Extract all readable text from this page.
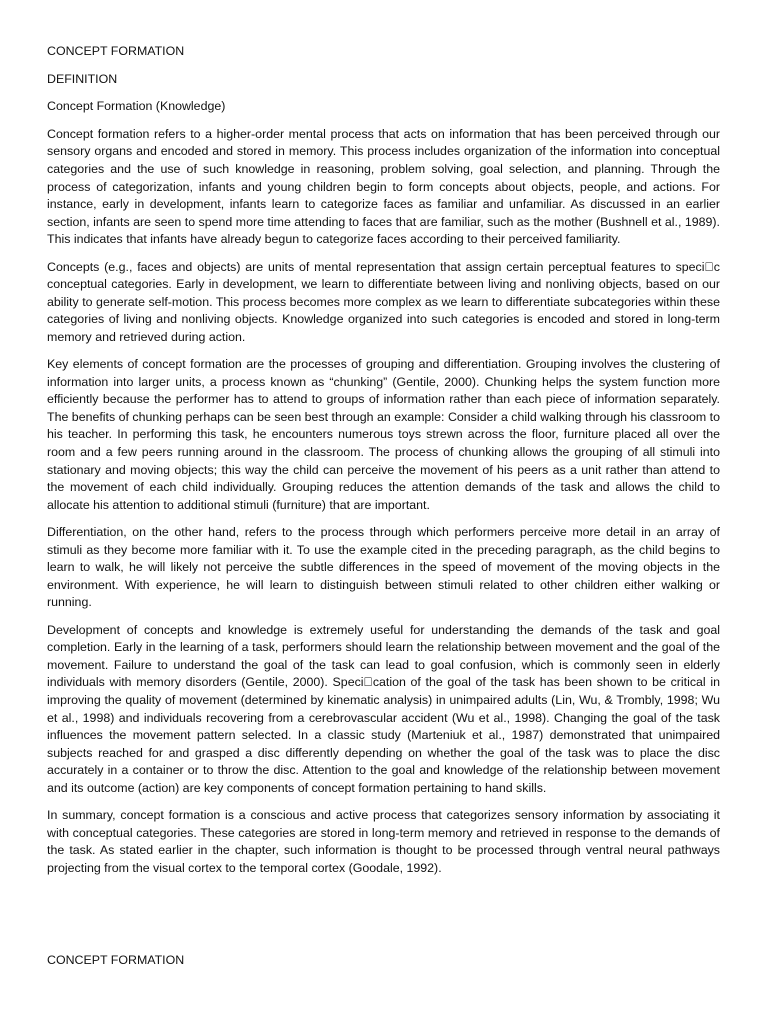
CONCEPT FORMATION

DEFINITION

Concept Formation (Knowledge)

Concept formation refers to a higher-order mental process that acts on information that has been perceived through our sensory organs and encoded and stored in memory. This process includes organization of the information into conceptual categories and the use of such knowledge in reasoning, problem solving, goal selection, and planning. Through the process of categorization, infants and young children begin to form concepts about objects, people, and actions. For instance, early in development, infants learn to categorize faces as familiar and unfamiliar. As discussed in an earlier section, infants are seen to spend more time attending to faces that are familiar, such as the mother (Bushnell et al., 1989). This indicates that infants have already begun to categorize faces according to their perceived familiarity.

Concepts (e.g., faces and objects) are units of mental representation that assign certain perceptual features to speci c conceptual categories. Early in development, we learn to differentiate between living and nonliving objects, based on our ability to generate self-motion. This process becomes more complex as we learn to differentiate subcategories within these categories of living and nonliving objects. Knowledge organized into such categories is encoded and stored in long-term memory and retrieved during action.

Key elements of concept formation are the processes of grouping and differentiation. Grouping involves the clustering of information into larger units, a process known as “chunking” (Gentile, 2000). Chunking helps the system function more efficiently because the performer has to attend to groups of information rather than each piece of information separately. The benefits of chunking perhaps can be seen best through an example: Consider a child walking through his classroom to his teacher. In performing this task, he encounters numerous toys strewn across the floor, furniture placed all over the room and a few peers running around in the classroom. The process of chunking allows the grouping of all stimuli into stationary and moving objects; this way the child can perceive the movement of his peers as a unit rather than attend to the movement of each child individually. Grouping reduces the attention demands of the task and allows the child to allocate his attention to additional stimuli (furniture) that are important.

Differentiation, on the other hand, refers to the process through which performers perceive more detail in an array of stimuli as they become more familiar with it. To use the example cited in the preceding paragraph, as the child begins to learn to walk, he will likely not perceive the subtle differences in the speed of movement of the moving objects in the environment. With experience, he will learn to distinguish between stimuli related to other children either walking or running.

Development of concepts and knowledge is extremely useful for understanding the demands of the task and goal completion. Early in the learning of a task, performers should learn the relationship between movement and the goal of the movement. Failure to understand the goal of the task can lead to goal confusion, which is commonly seen in elderly individuals with memory disorders (Gentile, 2000). Speci cation of the goal of the task has been shown to be critical in improving the quality of movement (determined by kinematic analysis) in unimpaired adults (Lin, Wu, & Trombly, 1998; Wu et al., 1998) and individuals recovering from a cerebrovascular accident (Wu et al., 1998). Changing the goal of the task influences the movement pattern selected. In a classic study (Marteniuk et al., 1987) demonstrated that unimpaired subjects reached for and grasped a disc differently depending on whether the goal of the task was to place the disc accurately in a container or to throw the disc. Attention to the goal and knowledge of the relationship between movement and its outcome (action) are key components of concept formation pertaining to hand skills.

In summary, concept formation is a conscious and active process that categorizes sensory information by associating it with conceptual categories. These categories are stored in long-term memory and retrieved in response to the demands of the task. As stated earlier in the chapter, such information is thought to be processed through ventral neural pathways projecting from the visual cortex to the temporal cortex (Goodale, 1992).

CONCEPT FORMATION
